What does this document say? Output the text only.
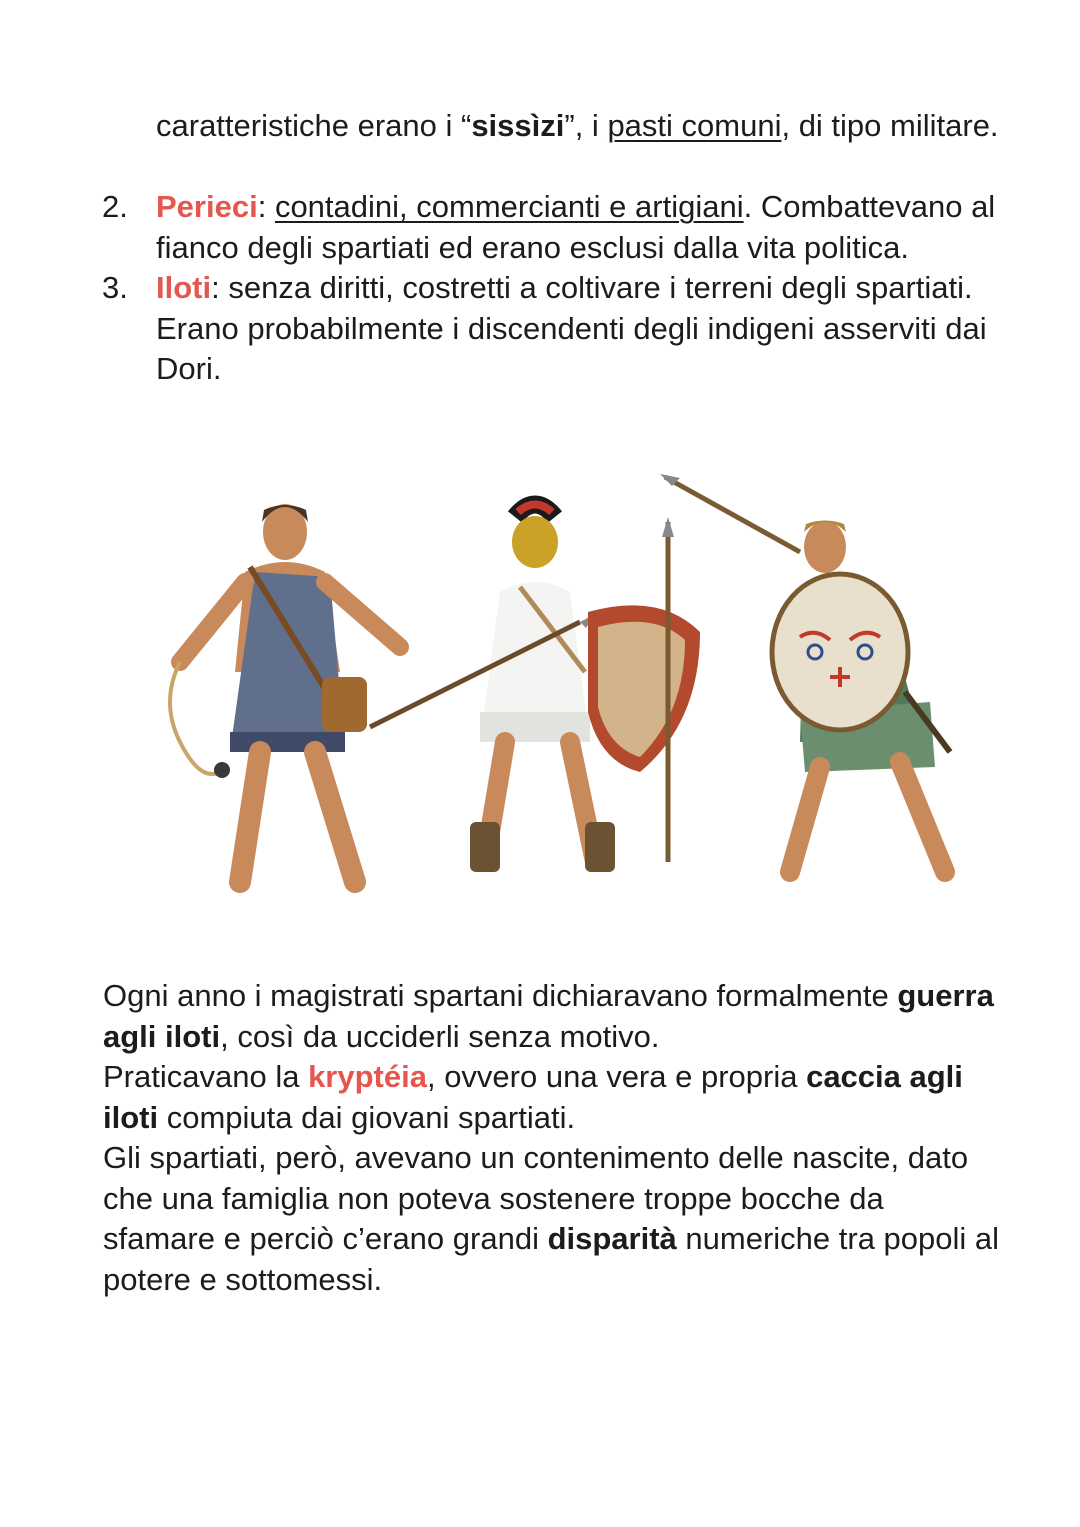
caratteristiche erano i “sissìzi”, i pasti comuni, di tipo militare.
2. Perieci: contadini, commercianti e artigiani. Combattevano al fianco degli spartiati ed erano esclusi dalla vita politica.
3. Iloti: senza diritti, costretti a coltivare i terreni degli spartiati. Erano probabilmente i discendenti degli indigeni asserviti dai Dori.
Ogni anno i magistrati spartani dichiaravano formalmente guerra agli iloti, così da ucciderli senza motivo.
Praticavano la kryptéia, ovvero una vera e propria caccia agli iloti compiuta dai giovani spartiati.
Gli spartiati, però, avevano un contenimento delle nascite, dato che una famiglia non poteva sostenere troppe bocche da sfamare e perciò c’erano grandi disparità numeriche tra popoli al potere e sottomessi.
